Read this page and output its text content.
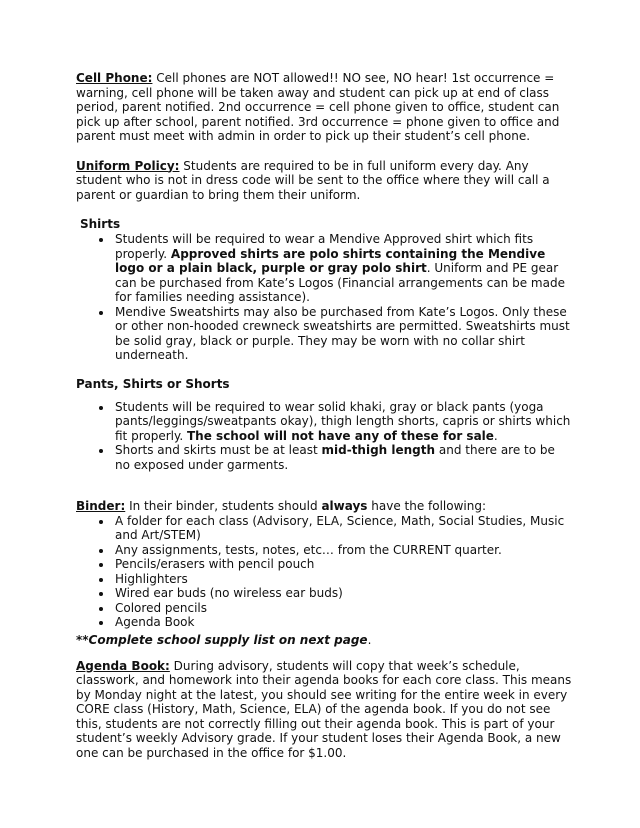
Cell Phone: Cell phones are NOT allowed!! NO see, NO hear! 1st occurrence = warning, cell phone will be taken away and student can pick up at end of class period, parent notified. 2nd occurrence = cell phone given to office, student can pick up after school, parent notified. 3rd occurrence = phone given to office and parent must meet with admin in order to pick up their student’s cell phone.

Uniform Policy: Students are required to be in full uniform every day. Any student who is not in dress code will be sent to the office where they will call a parent or guardian to bring them their uniform.

Shirts

• Students will be required to wear a Mendive Approved shirt which fits properly. Approved shirts are polo shirts containing the Mendive logo or a plain black, purple or gray polo shirt. Uniform and PE gear can be purchased from Kate’s Logos (Financial arrangements can be made for families needing assistance).
• Mendive Sweatshirts may also be purchased from Kate’s Logos. Only these or other non-hooded crewneck sweatshirts are permitted. Sweatshirts must be solid gray, black or purple. They may be worn with no collar shirt underneath.

Pants, Shirts or Shorts

• Students will be required to wear solid khaki, gray or black pants (yoga pants/leggings/sweatpants okay), thigh length shorts, capris or shirts which fit properly. The school will not have any of these for sale.
• Shorts and skirts must be at least mid-thigh length and there are to be no exposed under garments.

Binder: In their binder, students should always have the following:

• A folder for each class (Advisory, ELA, Science, Math, Social Studies, Music and Art/STEM)
• Any assignments, tests, notes, etc… from the CURRENT quarter.
• Pencils/erasers with pencil pouch
• Highlighters
• Wired ear buds (no wireless ear buds)
• Colored pencils
• Agenda Book

**Complete school supply list on next page.

Agenda Book: During advisory, students will copy that week’s schedule, classwork, and homework into their agenda books for each core class. This means by Monday night at the latest, you should see writing for the entire week in every CORE class (History, Math, Science, ELA) of the agenda book. If you do not see this, students are not correctly filling out their agenda book. This is part of your student’s weekly Advisory grade. If your student loses their Agenda Book, a new one can be purchased in the office for $1.00.
